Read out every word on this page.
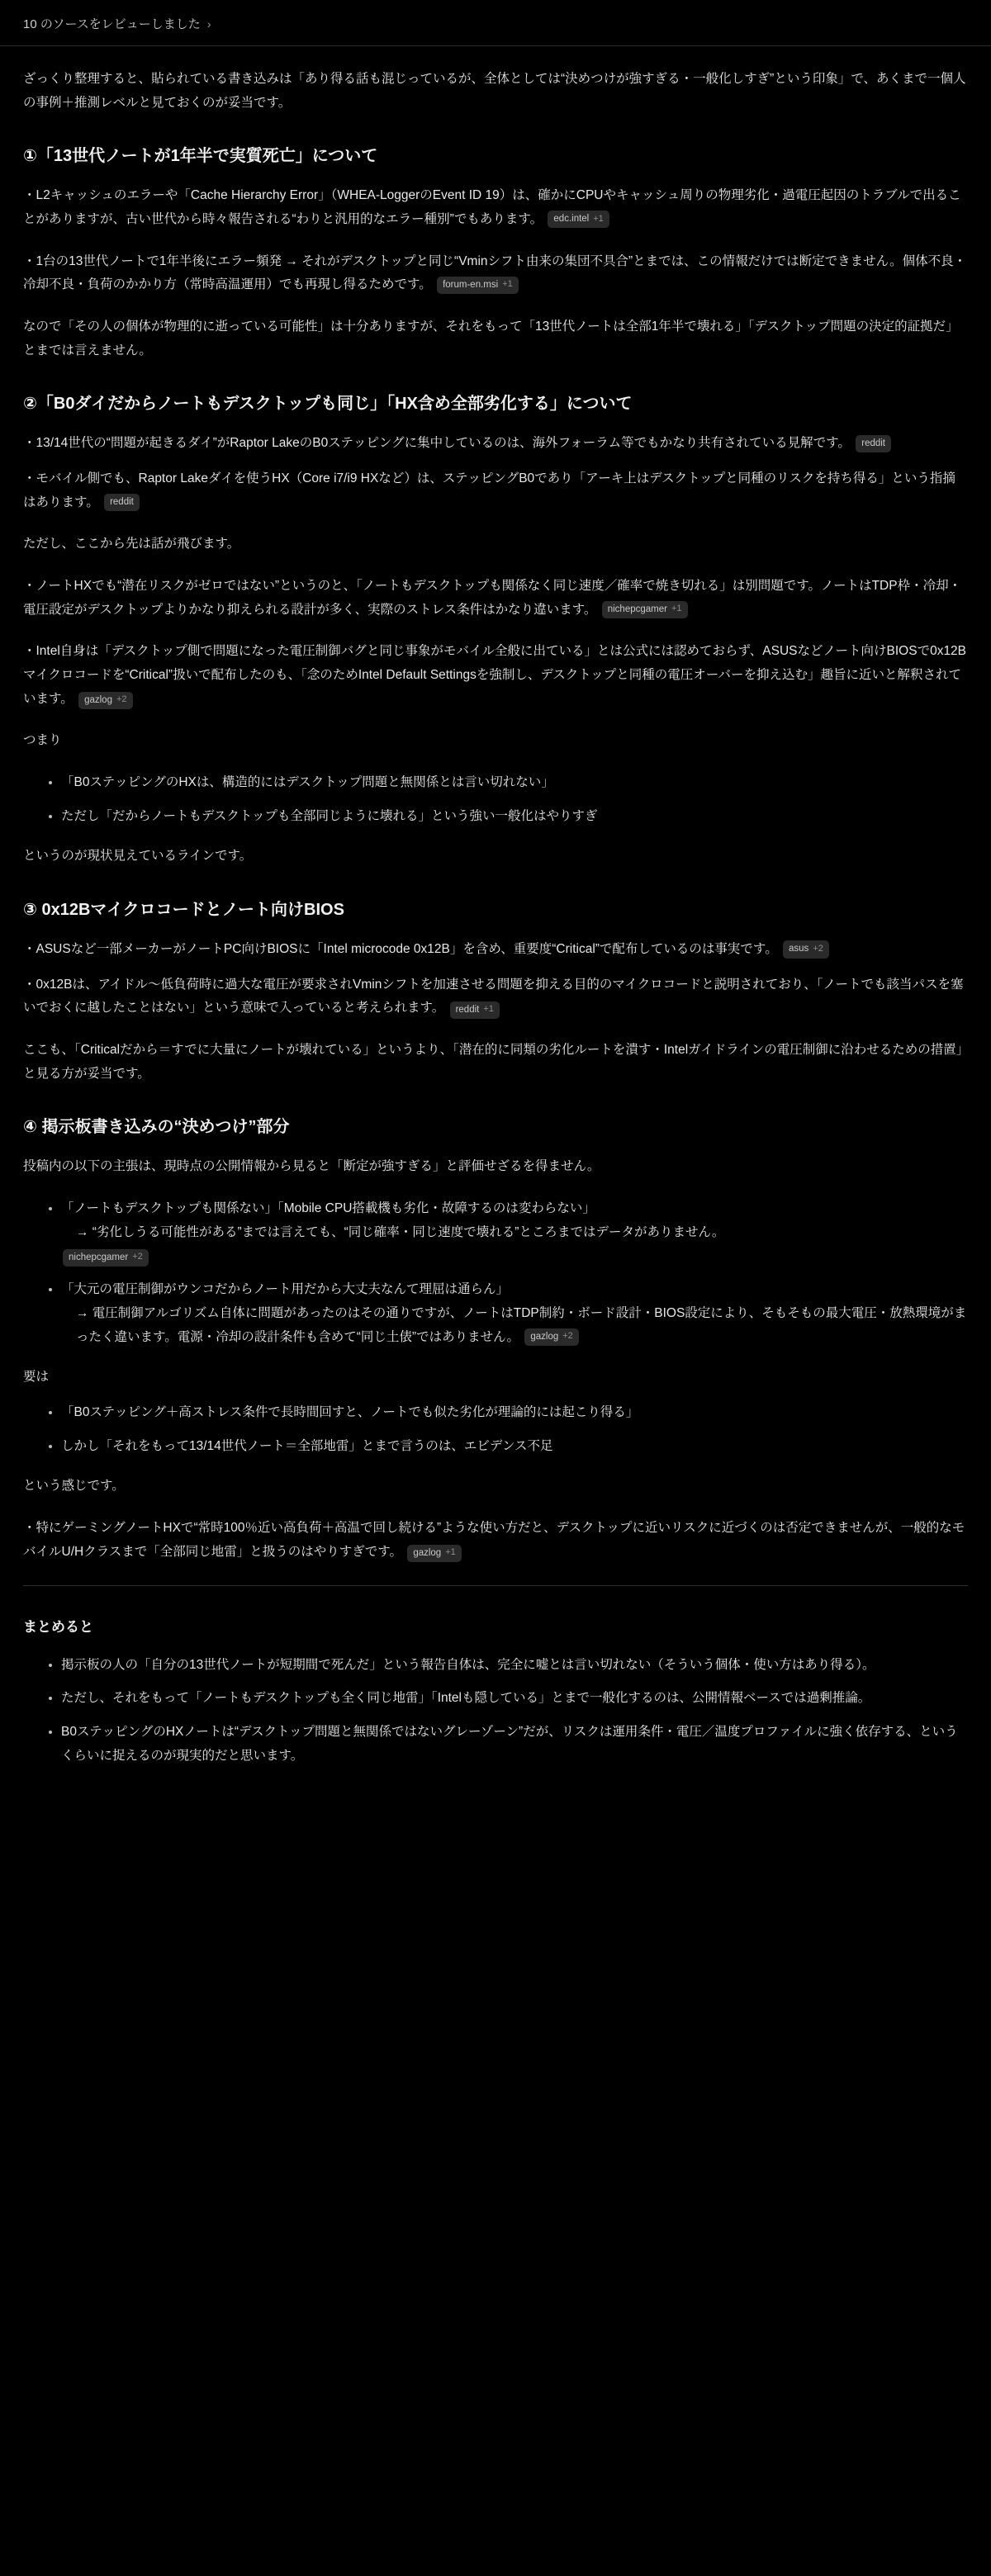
10 のソースをレビューしました ›

ざっくり整理すると、貼られている書き込みは「あり得る話も混じっているが、全体としては“決めつけが強すぎる・一般化しすぎ”という印象」で、あくまで一個人の事例＋推測レベルと見ておくのが妥当です。

①「13世代ノートが1年半で実質死亡」について

・L2キャッシュのエラーや「Cache Hierarchy Error」（WHEA-LoggerのEvent ID 19）は、確かにCPUやキャッシュ周りの物理劣化・過電圧起因のトラブルで出ることがありますが、古い世代から時々報告される“わりと汎用的なエラー種別”でもあります。 edc.intel +1

・1台の13世代ノートで1年半後にエラー頻発 → それがデスクトップと同じ“Vminシフト由来の集団不具合”とまでは、この情報だけでは断定できません。個体不良・冷却不良・負荷のかかり方（常時高温運用）でも再現し得るためです。 forum-en.msi +1

なので「その人の個体が物理的に逝っている可能性」は十分ありますが、それをもって「13世代ノートは全部1年半で壊れる」「デスクトップ問題の決定的証拠だ」とまでは言えません。

②「B0ダイだからノートもデスクトップも同じ」「HX含め全部劣化する」について

・13/14世代の“問題が起きるダイ”がRaptor LakeのB0ステッピングに集中しているのは、海外フォーラム等でもかなり共有されている見解です。 reddit

・モバイル側でも、Raptor Lakeダイを使うHX（Core i7/i9 HXなど）は、ステッピングB0であり「アーキ上はデスクトップと同種のリスクを持ち得る」という指摘はあります。 reddit

ただし、ここから先は話が飛びます。

・ノートHXでも“潜在リスクがゼロではない”というのと、「ノートもデスクトップも関係なく同じ速度／確率で焼き切れる」は別問題です。ノートはTDP枠・冷却・電圧設定がデスクトップよりかなり抑えられる設計が多く、実際のストレス条件はかなり違います。 nichepcgamer +1

・Intel自身は「デスクトップ側で問題になった電圧制御バグと同じ事象がモバイル全般に出ている」とは公式には認めておらず、ASUSなどノート向けBIOSで0x12Bマイクロコードを“Critical”扱いで配布したのも、「念のためIntel Default Settingsを強制し、デスクトップと同種の電圧オーバーを抑え込む」趣旨に近いと解釈されています。 gazlog +2

つまり

• 「B0ステッピングのHXは、構造的にはデスクトップ問題と無関係とは言い切れない」
• ただし「だからノートもデスクトップも全部同じように壊れる」という強い一般化はやりすぎ

というのが現状見えているラインです。

③ 0x12Bマイクロコードとノート向けBIOS

・ASUSなど一部メーカーがノートPC向けBIOSに「Intel microcode 0x12B」を含め、重要度“Critical”で配布しているのは事実です。 asus +2

・0x12Bは、アイドル〜低負荷時に過大な電圧が要求されVminシフトを加速させる問題を抑える目的のマイクロコードと説明されており、「ノートでも該当パスを塞いでおくに越したことはない」という意味で入っていると考えられます。 reddit +1

ここも、「Criticalだから＝すでに大量にノートが壊れている」というより、「潜在的に同類の劣化ルートを潰す・Intelガイドラインの電圧制御に沿わせるための措置」と見る方が妥当です。

④ 掲示板書き込みの“決めつけ”部分

投稿内の以下の主張は、現時点の公開情報から見ると「断定が強すぎる」と評価せざるを得ません。

• 「ノートもデスクトップも関係ない」「Mobile CPU搭載機も劣化・故障するのは変わらない」
→ “劣化しうる可能性がある”までは言えても、“同じ確率・同じ速度で壊れる”ところまではデータがありません。
nichepcgamer +2
• 「大元の電圧制御がウンコだからノート用だから大丈夫なんて理屈は通らん」
→ 電圧制御アルゴリズム自体に問題があったのはその通りですが、ノートはTDP制約・ボード設計・BIOS設定により、そもそもの最大電圧・放熱環境がまったく違います。電源・冷却の設計条件も含めて“同じ土俵”ではありません。 gazlog +2

要は

• 「B0ステッピング＋高ストレス条件で長時間回すと、ノートでも似た劣化が理論的には起こり得る」
• しかし「それをもって13/14世代ノート＝全部地雷」とまで言うのは、エビデンス不足

という感じです。

・特にゲーミングノートHXで“常時100％近い高負荷＋高温で回し続ける”ような使い方だと、デスクトップに近いリスクに近づくのは否定できませんが、一般的なモバイルU/Hクラスまで「全部同じ地雷」と扱うのはやりすぎです。 gazlog +1

まとめると
• 掲示板の人の「自分の13世代ノートが短期間で死んだ」という報告自体は、完全に嘘とは言い切れない（そういう個体・使い方はあり得る）。
• ただし、それをもって「ノートもデスクトップも全く同じ地雷」「Intelも隠している」とまで一般化するのは、公開情報ベースでは過剰推論。
• B0ステッピングのHXノートは“デスクトップ問題と無関係ではないグレーゾーン”だが、リスクは運用条件・電圧／温度プロファイルに強く依存する、というくらいに捉えるのが現実的だと思います。
